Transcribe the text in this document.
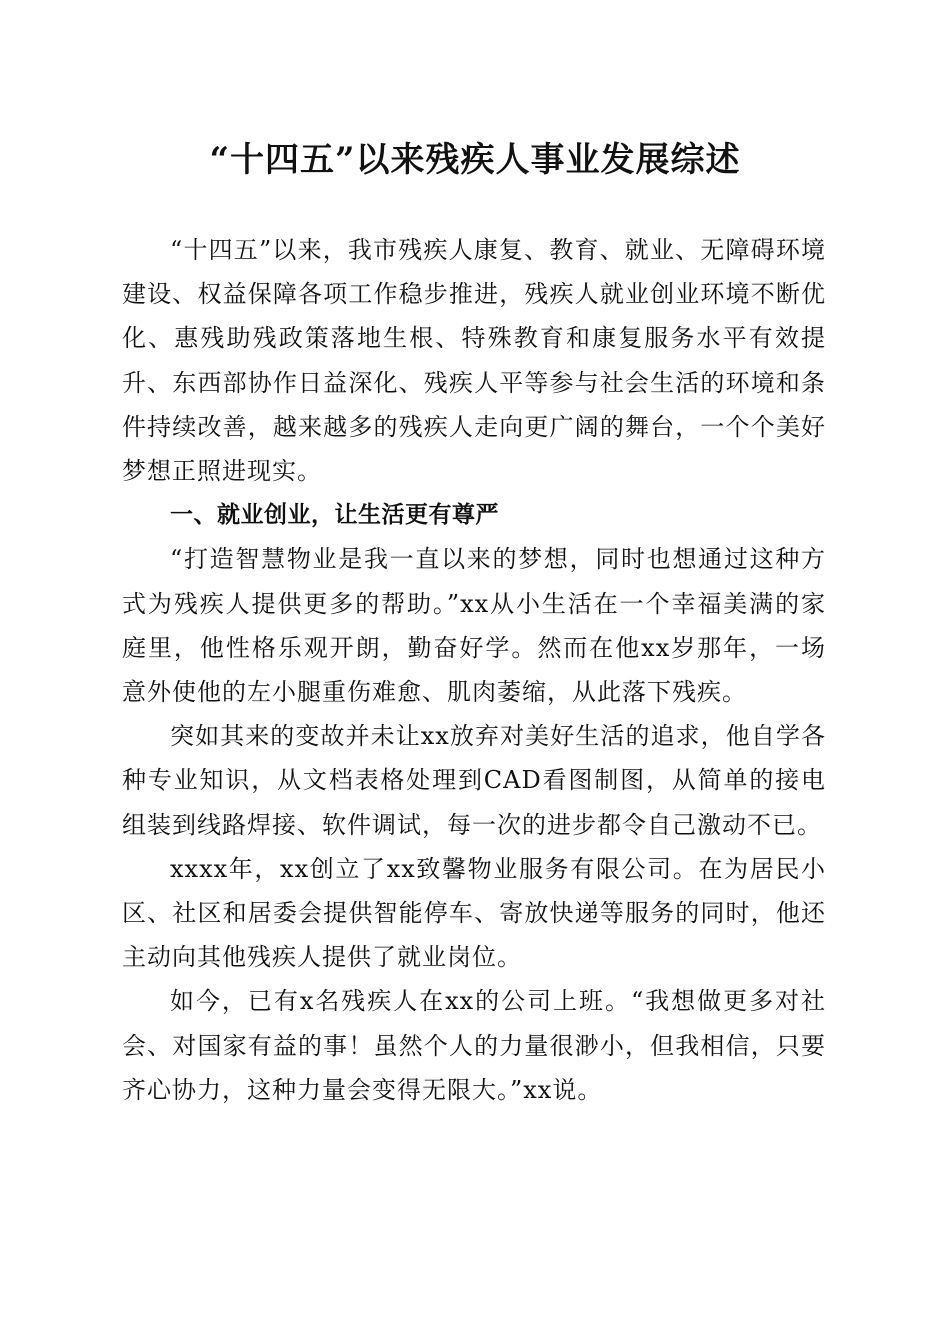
“十四五”以来残疾人事业发展综述

“十四五”以来，我市残疾人康复、教育、就业、无障碍环境建设、权益保障各项工作稳步推进，残疾人就业创业环境不断优化、惠残助残政策落地生根、特殊教育和康复服务水平有效提升、东西部协作日益深化、残疾人平等参与社会生活的环境和条件持续改善，越来越多的残疾人走向更广阔的舞台，一个个美好梦想正照进现实。

一、就业创业，让生活更有尊严

“打造智慧物业是我一直以来的梦想，同时也想通过这种方式为残疾人提供更多的帮助。”xx从小生活在一个幸福美满的家庭里，他性格乐观开朗，勤奋好学。然而在他xx岁那年，一场意外使他的左小腿重伤难愈、肌肉萎缩，从此落下残疾。

突如其来的变故并未让xx放弃对美好生活的追求，他自学各种专业知识，从文档表格处理到CAD看图制图，从简单的接电组装到线路焊接、软件调试，每一次的进步都令自己激动不已。

xxxx年，xx创立了xx致馨物业服务有限公司。在为居民小区、社区和居委会提供智能停车、寄放快递等服务的同时，他还主动向其他残疾人提供了就业岗位。

如今，已有x名残疾人在xx的公司上班。“我想做更多对社会、对国家有益的事！虽然个人的力量很渺小，但我相信，只要齐心协力，这种力量会变得无限大。”xx说。
